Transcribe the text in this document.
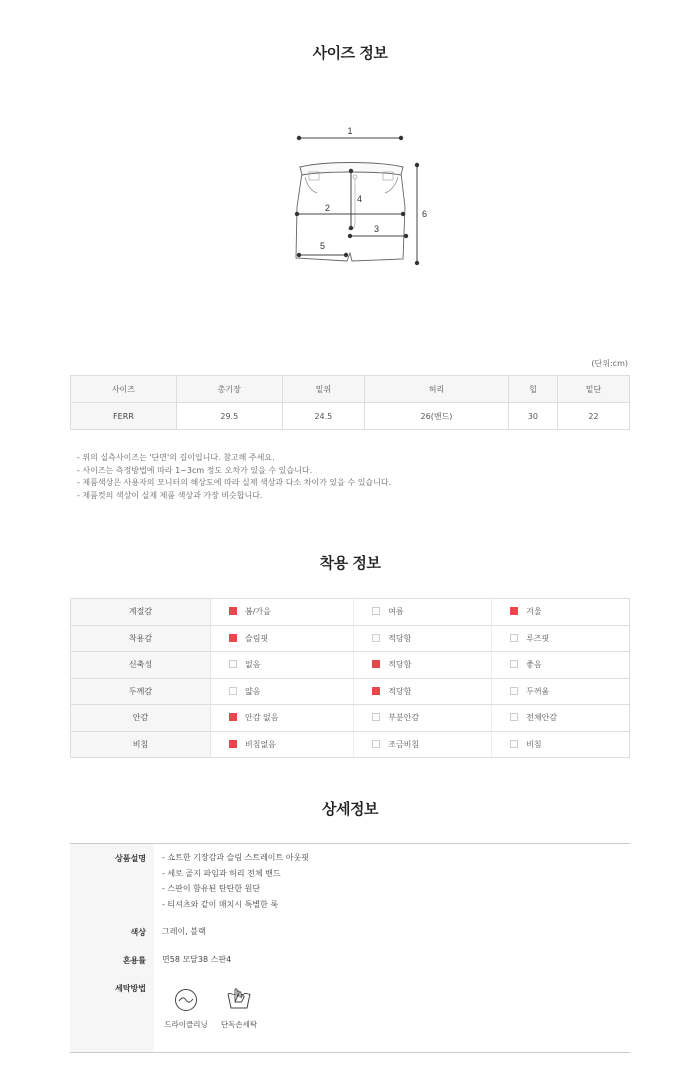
사이즈 정보
1
4
2
3
5
6
(단위:cm)
사이즈	총기장	밑위	허리	힙	밑단
FERR	29.5	24.5	26(밴드)	30	22
- 위의 실측사이즈는 '단면'의 길이입니다. 참고해 주세요.
- 사이즈는 측정방법에 따라 1~3cm 정도 오차가 있을 수 있습니다.
- 제품색상은 사용자의 모니터의 해상도에 따라 실제 색상과 다소 차이가 있을 수 있습니다.
- 제품컷의 색상이 실제 제품 색상과 가장 비슷합니다.
착용 정보
계절감	봄/가을	여름	겨울
착용감	슬림핏	적당함	루즈핏
신축성	없음	적당함	좋음
두께감	얇음	적당함	두꺼움
안감	안감 없음	부분안감	전체안감
비침	비침없음	조금비침	비침
상세정보
상품설명 - 쇼트한 기장감과 슬림 스트레이트 아웃핏
- 세로 골지 파임과 허리 전체 밴드
- 스판이 함유된 탄탄한 원단
- 티셔츠와 같이 매치시 특별한 룩
색상 그레이, 블랙
혼용률 면58 모달38 스판4
세탁방법
드라이클리닝	단독손세탁
